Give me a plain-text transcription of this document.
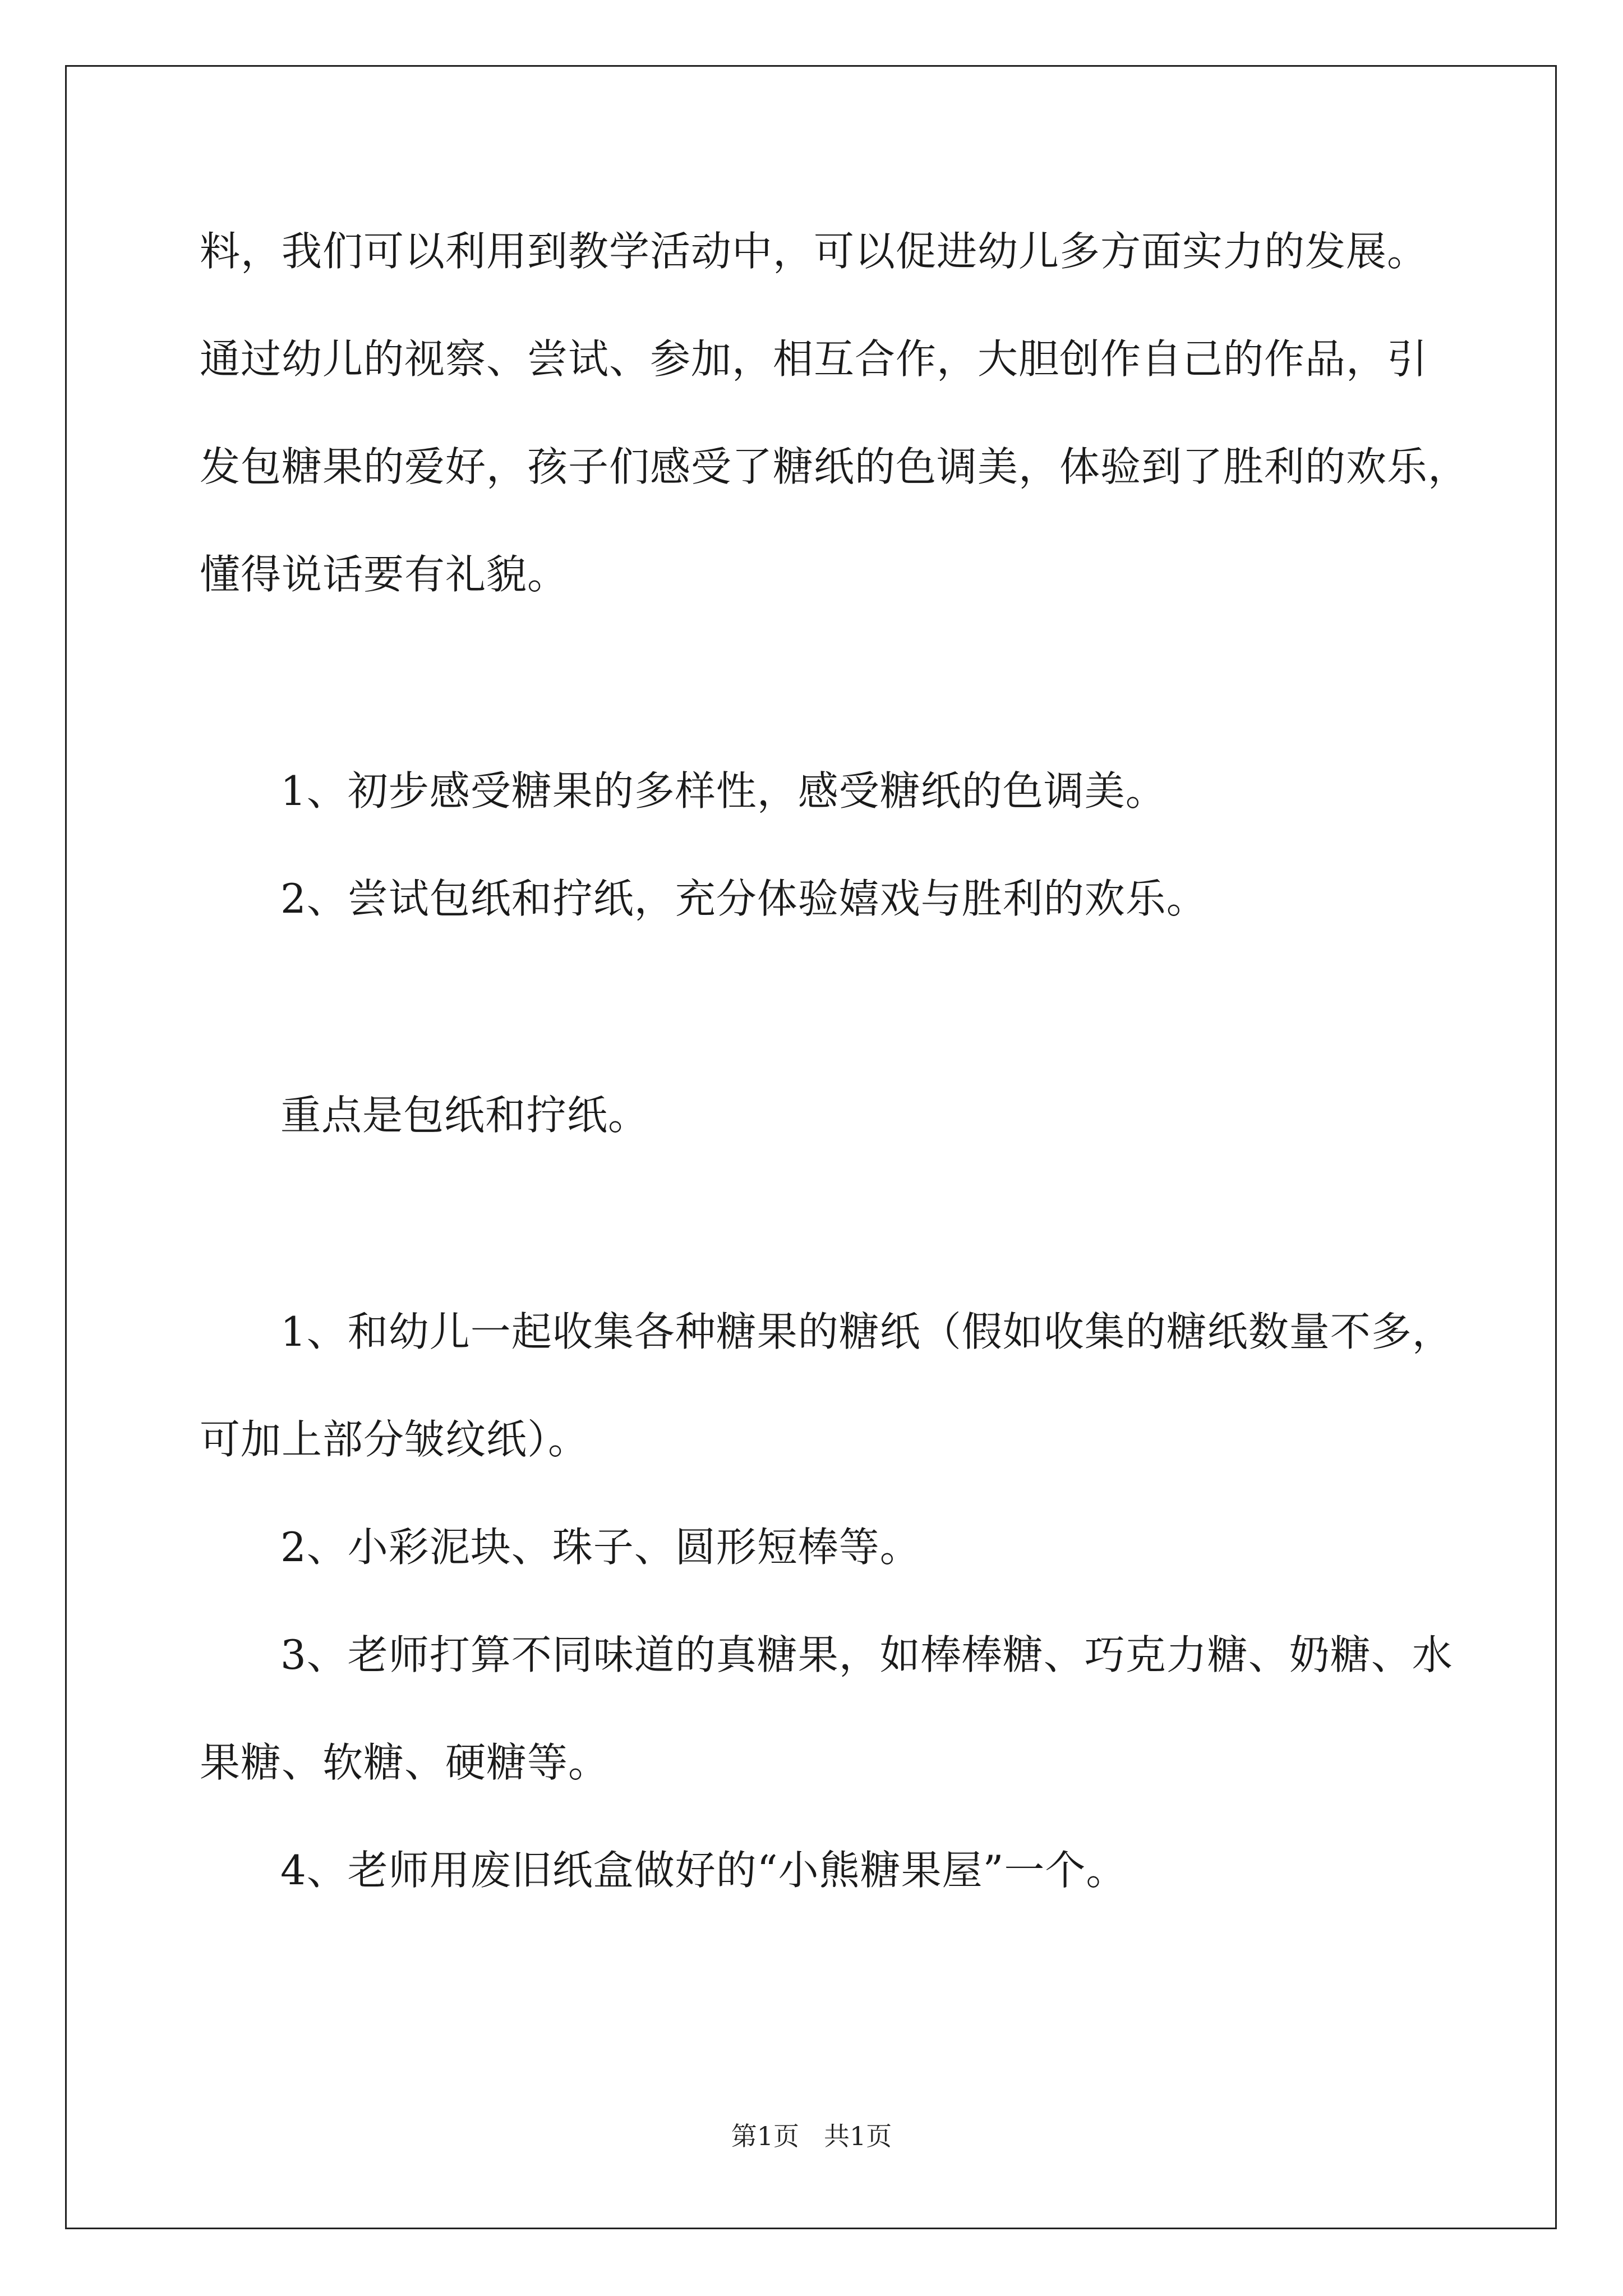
料，我们可以利用到教学活动中，可以促进幼儿多方面实力的发展。
通过幼儿的视察、尝试、参加，相互合作，大胆创作自己的作品，引
发包糖果的爱好，孩子们感受了糖纸的色调美，体验到了胜利的欢乐，
懂得说话要有礼貌。
1、初步感受糖果的多样性，感受糖纸的色调美。
2、尝试包纸和拧纸，充分体验嬉戏与胜利的欢乐。
重点是包纸和拧纸。
1、和幼儿一起收集各种糖果的糖纸（假如收集的糖纸数量不多，
可加上部分皱纹纸）。
2、小彩泥块、珠子、圆形短棒等。
3、老师打算不同味道的真糖果，如棒棒糖、巧克力糖、奶糖、水
果糖、软糖、硬糖等。
4、老师用废旧纸盒做好的“小熊糖果屋”一个。
第1页 共1页
